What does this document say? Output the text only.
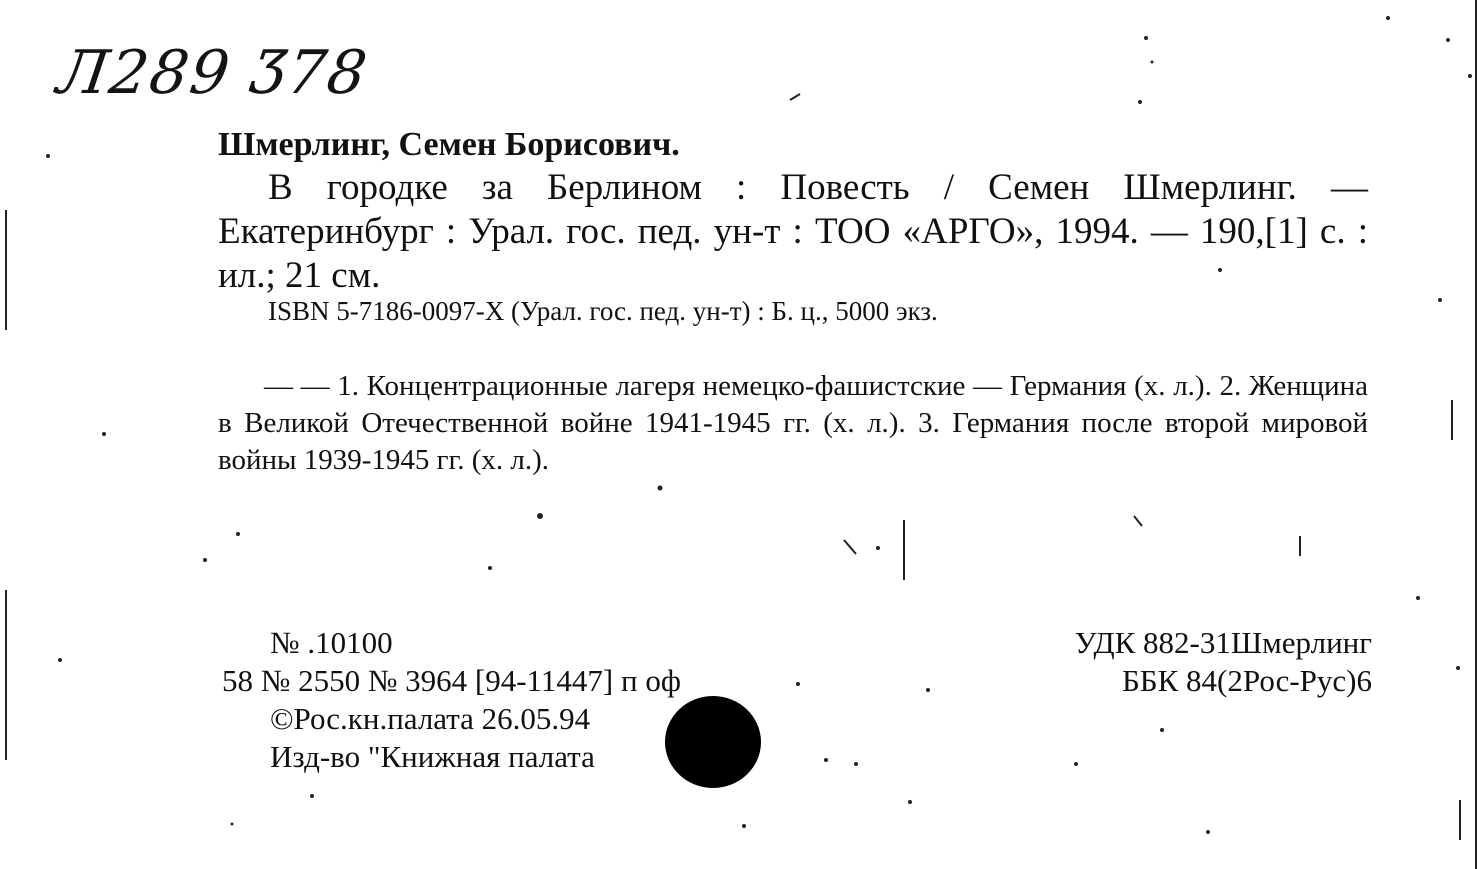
Л289 Ӡ78
Шмерлинг, Семен Борисович.
В городке за Берлином : Повесть / Семен Шмерлинг. — Екатеринбург : Урал. гос. пед. ун-т : ТОО «АРГО», 1994. — 190,[1] с. : ил.; 21 см.
ISBN 5-7186-0097-X (Урал. гос. пед. ун-т) : Б. ц., 5000 экз.
— — 1. Концентрационные лагеря немецко-фашистские — Германия (х. л.). 2. Женщина в Великой Отечественной войне 1941-1945 гг. (х. л.). 3. Германия после второй мировой войны 1939-1945 гг. (х. л.).
№ .10100
58 № 2550 № 3964 [94-11447] п оф
©Рос.кн.палата 26.05.94
Изд-во "Книжная палата
УДК 882-31Шмерлинг
ББК 84(2Рос-Рус)6
